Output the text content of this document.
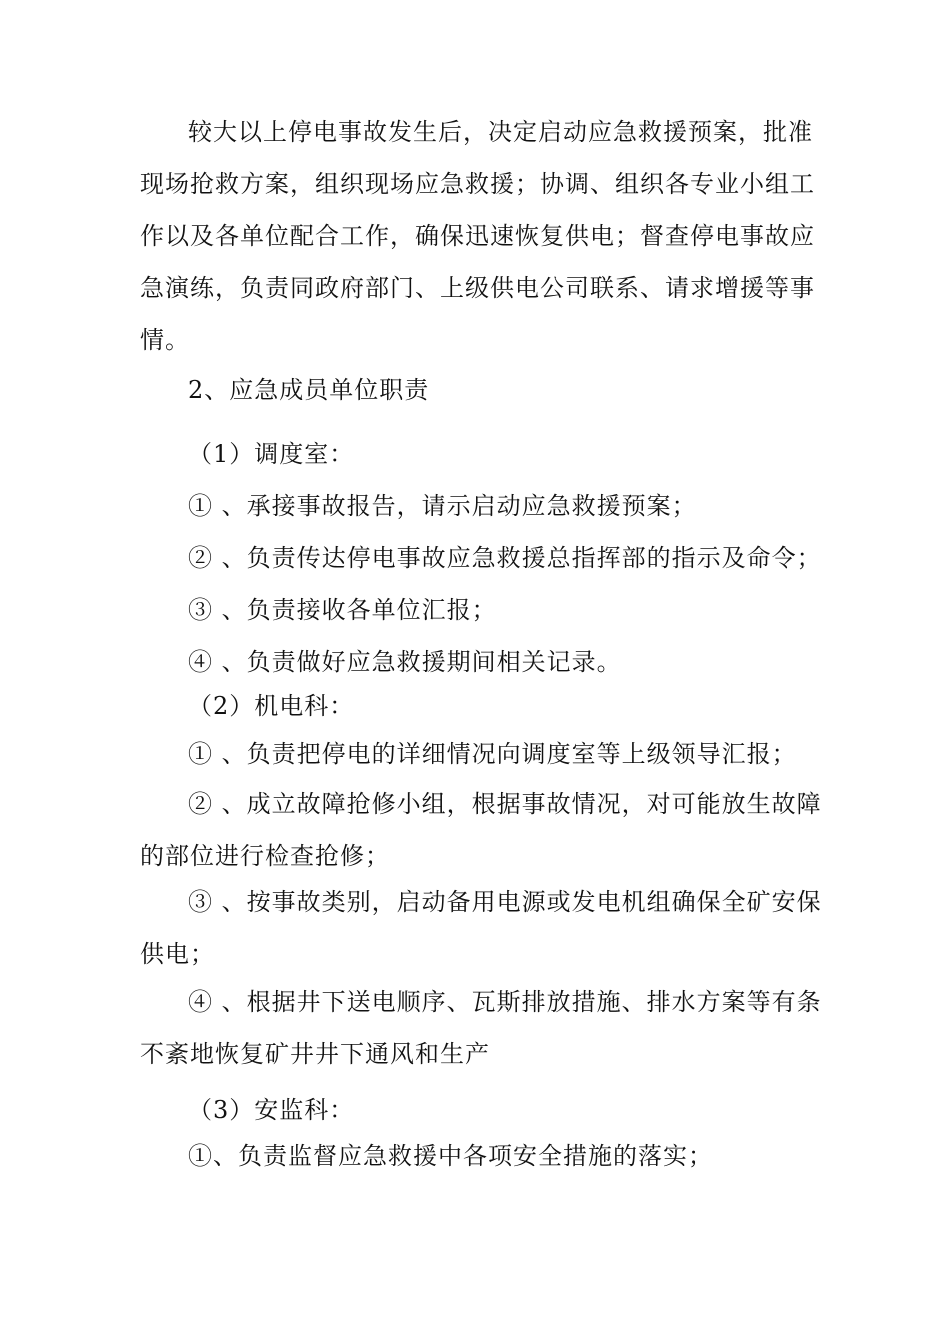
较大以上停电事故发生后，决定启动应急救援预案，批准
现场抢救方案，组织现场应急救援；协调、组织各专业小组工
作以及各单位配合工作，确保迅速恢复供电；督查停电事故应
急演练，负责同政府部门、上级供电公司联系、请求增援等事
情。
2、应急成员单位职责
（1）调度室：
① 、承接事故报告，请示启动应急救援预案；
② 、负责传达停电事故应急救援总指挥部的指示及命令；
③ 、负责接收各单位汇报；
④ 、负责做好应急救援期间相关记录。
（2）机电科：
① 、负责把停电的详细情况向调度室等上级领导汇报；
② 、成立故障抢修小组，根据事故情况，对可能放生故障
的部位进行检查抢修；
③ 、按事故类别，启动备用电源或发电机组确保全矿安保
供电；
④ 、根据井下送电顺序、瓦斯排放措施、排水方案等有条
不紊地恢复矿井井下通风和生产
（3）安监科：
①、负责监督应急救援中各项安全措施的落实；
